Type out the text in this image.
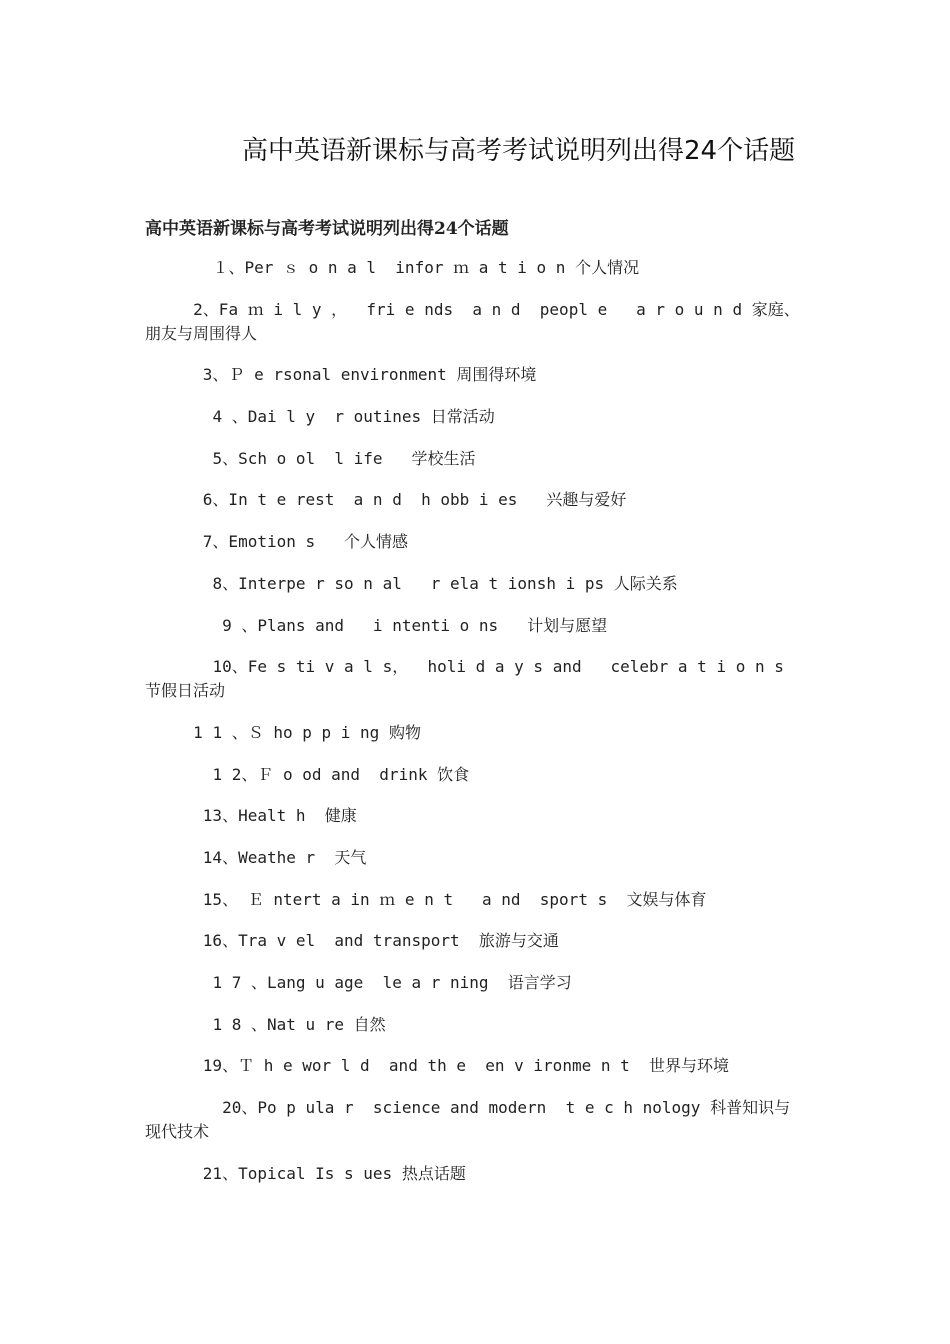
高中英语新课标与高考考试说明列出得24个话题
高中英语新课标与高考考试说明列出得24个话题
１、Per ｓ o n a l  infor ｍ a t i o n 个人情况
2、Fa ｍ i l y ，  fri e nds  a n d  peopl e   a r o u n d 家庭、朋友与周围得人
3、Ｐ e rsonal environment 周围得环境
4 、Dai l y  r outines 日常活动
5、Sch o ol  l ife   学校生活
6、In t e rest  a n d  h obb i es   兴趣与爱好
7、Emotion s   个人情感
8、Interpe r so n al   r ela t ionsh i ps 人际关系
9 、Plans and   i ntenti o ns   计划与愿望
10、Fe s ti v a l s，  holi d a y s and   celebr a t i o n s   节假日活动
1 1 、Ｓ ho p p i ng 购物
1 2、Ｆ o od and  drink 饮食
13、Healt h  健康
14、Weathe r  天气
15、 Ｅ ntert a in ｍ e n t   a nd  sport s  文娱与体育
16、Tra v el  and transport  旅游与交通
1 7 、Lang u age  le a r ning  语言学习
1 8 、Nat u re 自然
19、Ｔ h e wor l d  and th e  en v ironme n t  世界与环境
20、Po p ula r  science and modern  t e c h nology 科普知识与现代技术
21、Topical Is s ues 热点话题
